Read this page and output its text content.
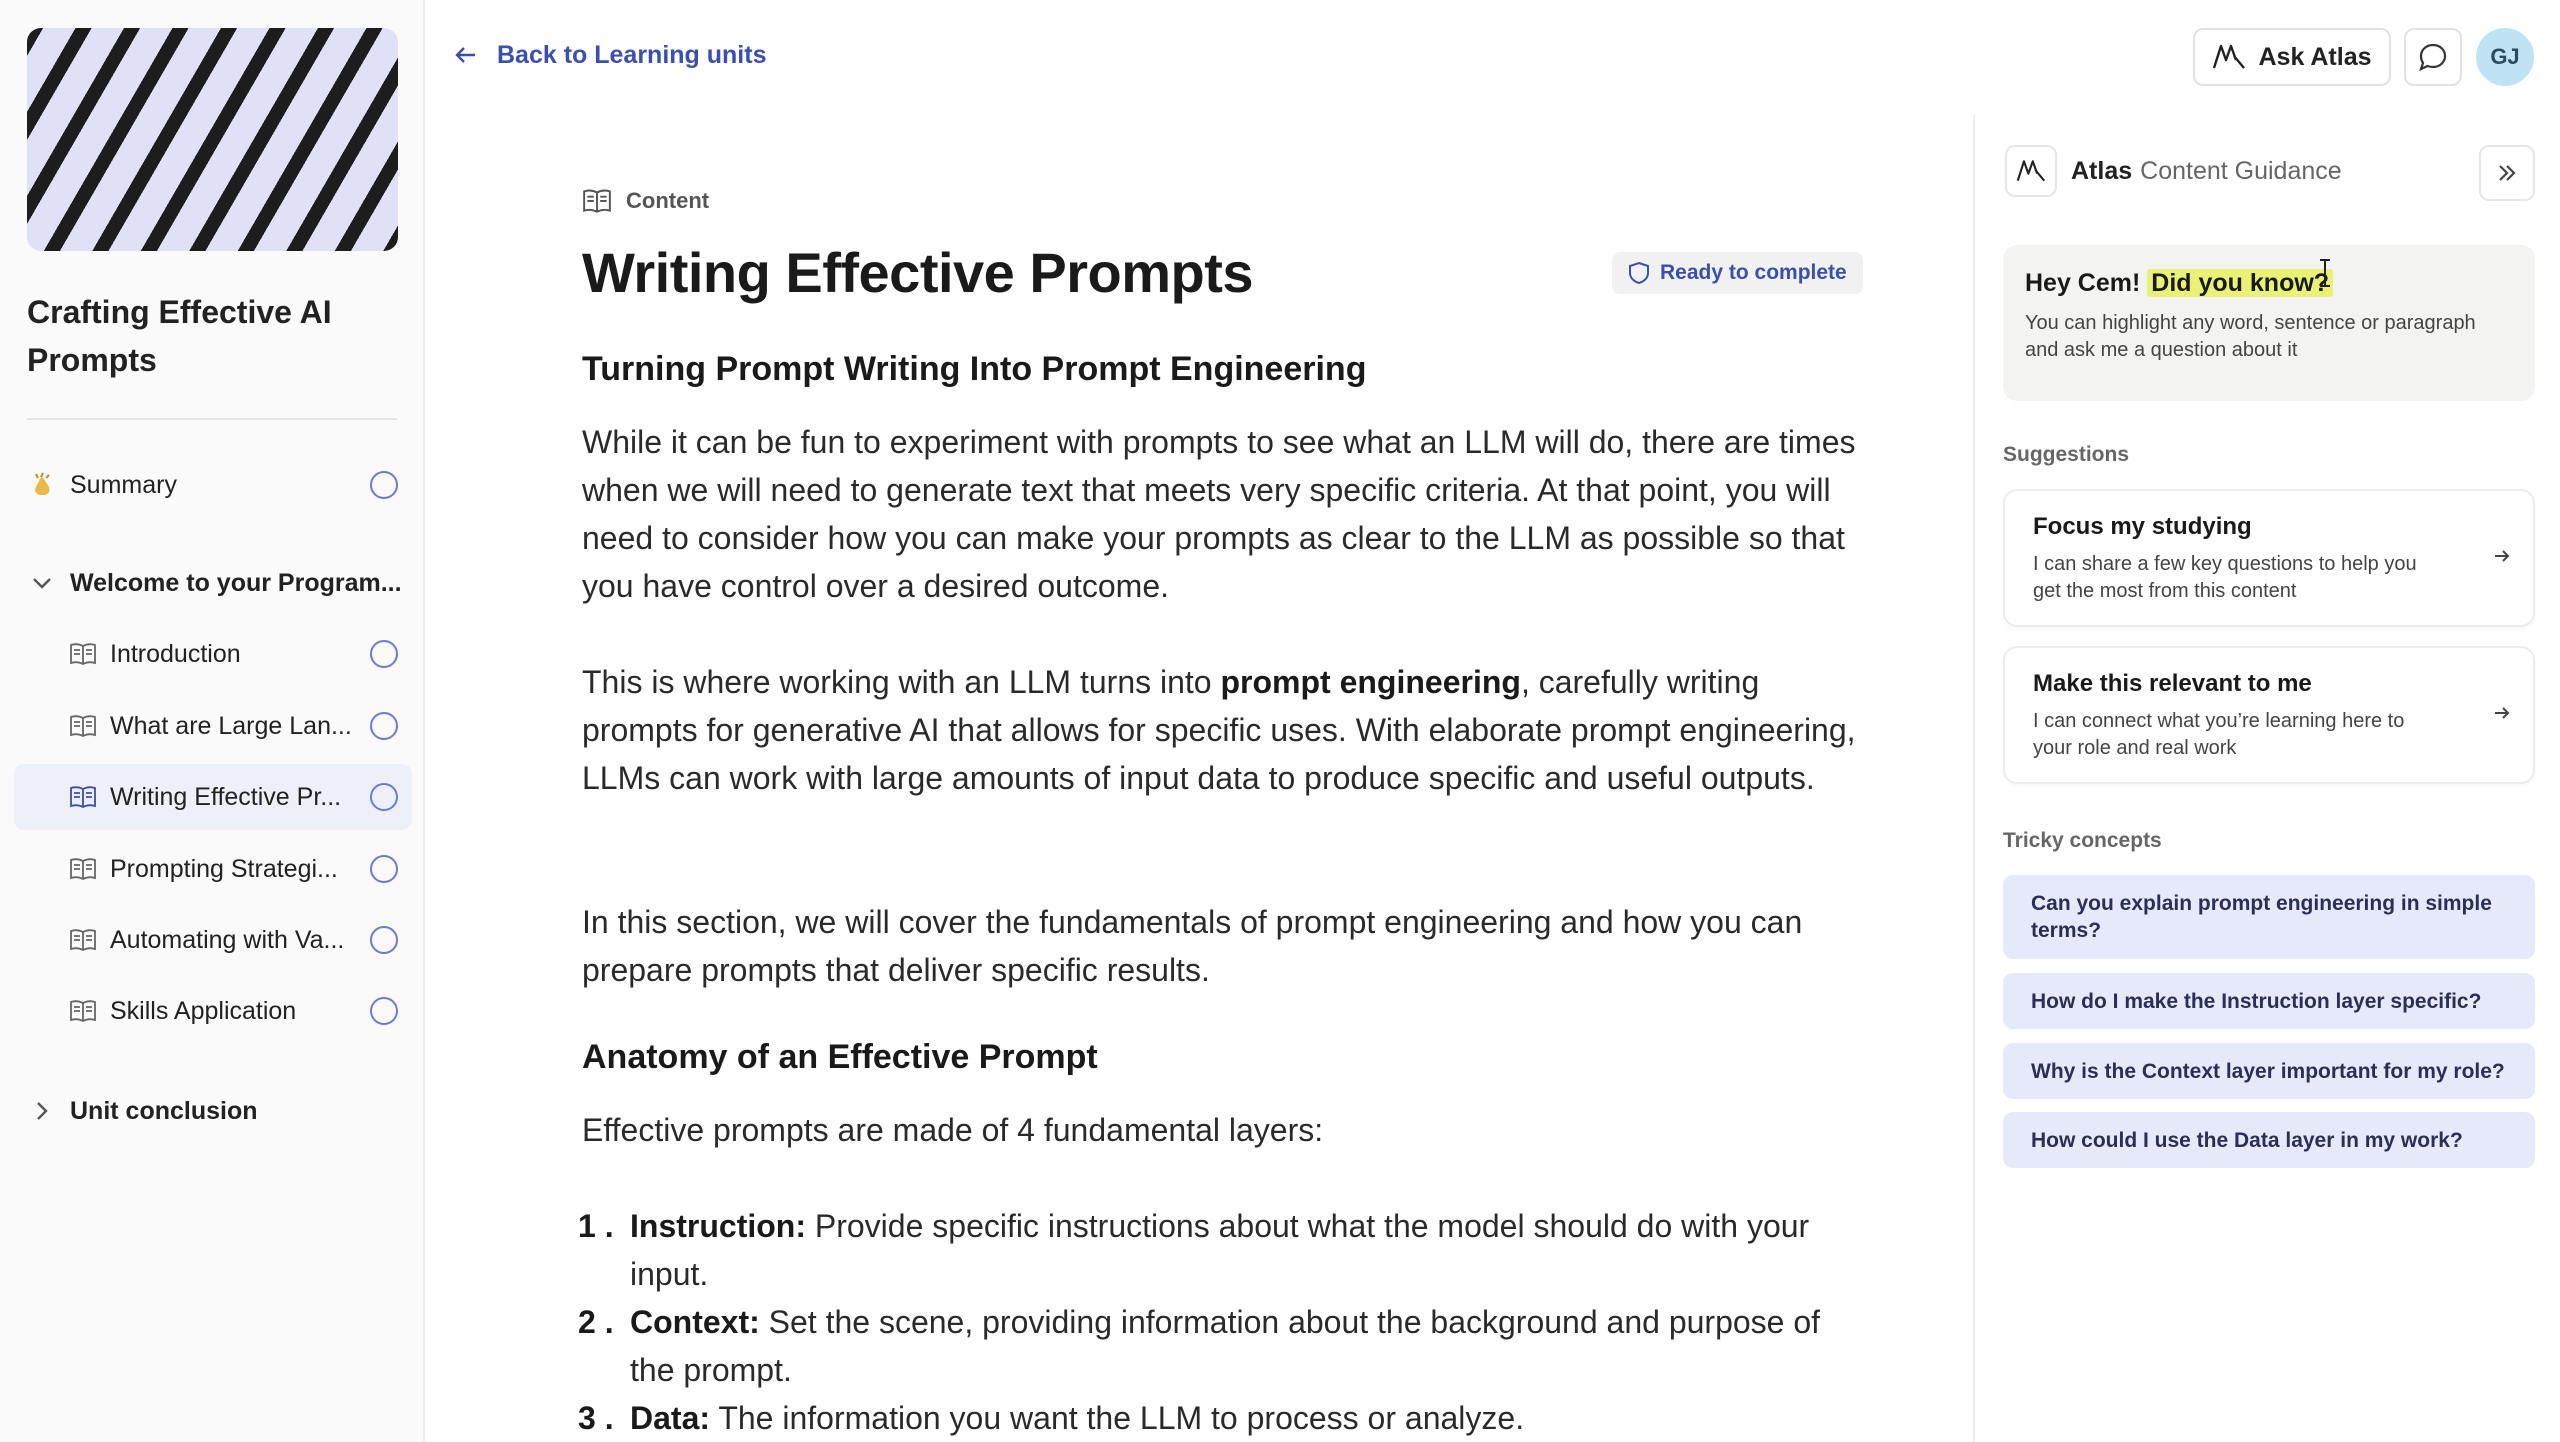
Crafting Effective AI Prompts
Summary
Welcome to your Program...
Introduction
What are Large Lan...
Writing Effective Pr...
Prompting Strategi...
Automating with Va...
Skills Application
Unit conclusion
Back to Learning units	Ask Atlas	GJ
Content
Writing Effective Prompts	Ready to complete
Turning Prompt Writing Into Prompt Engineering

While it can be fun to experiment with prompts to see what an LLM will do, there are times when we will need to generate text that meets very specific criteria. At that point, you will need to consider how you can make your prompts as clear to the LLM as possible so that you have control over a desired outcome.

This is where working with an LLM turns into prompt engineering, carefully writing prompts for generative AI that allows for specific uses. With elaborate prompt engineering, LLMs can work with large amounts of input data to produce specific and useful outputs.

In this section, we will cover the fundamentals of prompt engineering and how you can prepare prompts that deliver specific results.

Anatomy of an Effective Prompt

Effective prompts are made of 4 fundamental layers:

1 . Instruction: Provide specific instructions about what the model should do with your input.
2 . Context: Set the scene, providing information about the background and purpose of the prompt.
3 . Data: The information you want the LLM to process or analyze.
Atlas Content Guidance
Hey Cem! Did you know?
You can highlight any word, sentence or paragraph and ask me a question about it
Suggestions
Focus my studying
I can share a few key questions to help you get the most from this content
Make this relevant to me
I can connect what you’re learning here to your role and real work
Tricky concepts
Can you explain prompt engineering in simple terms?
How do I make the Instruction layer specific?
Why is the Context layer important for my role?
How could I use the Data layer in my work?
